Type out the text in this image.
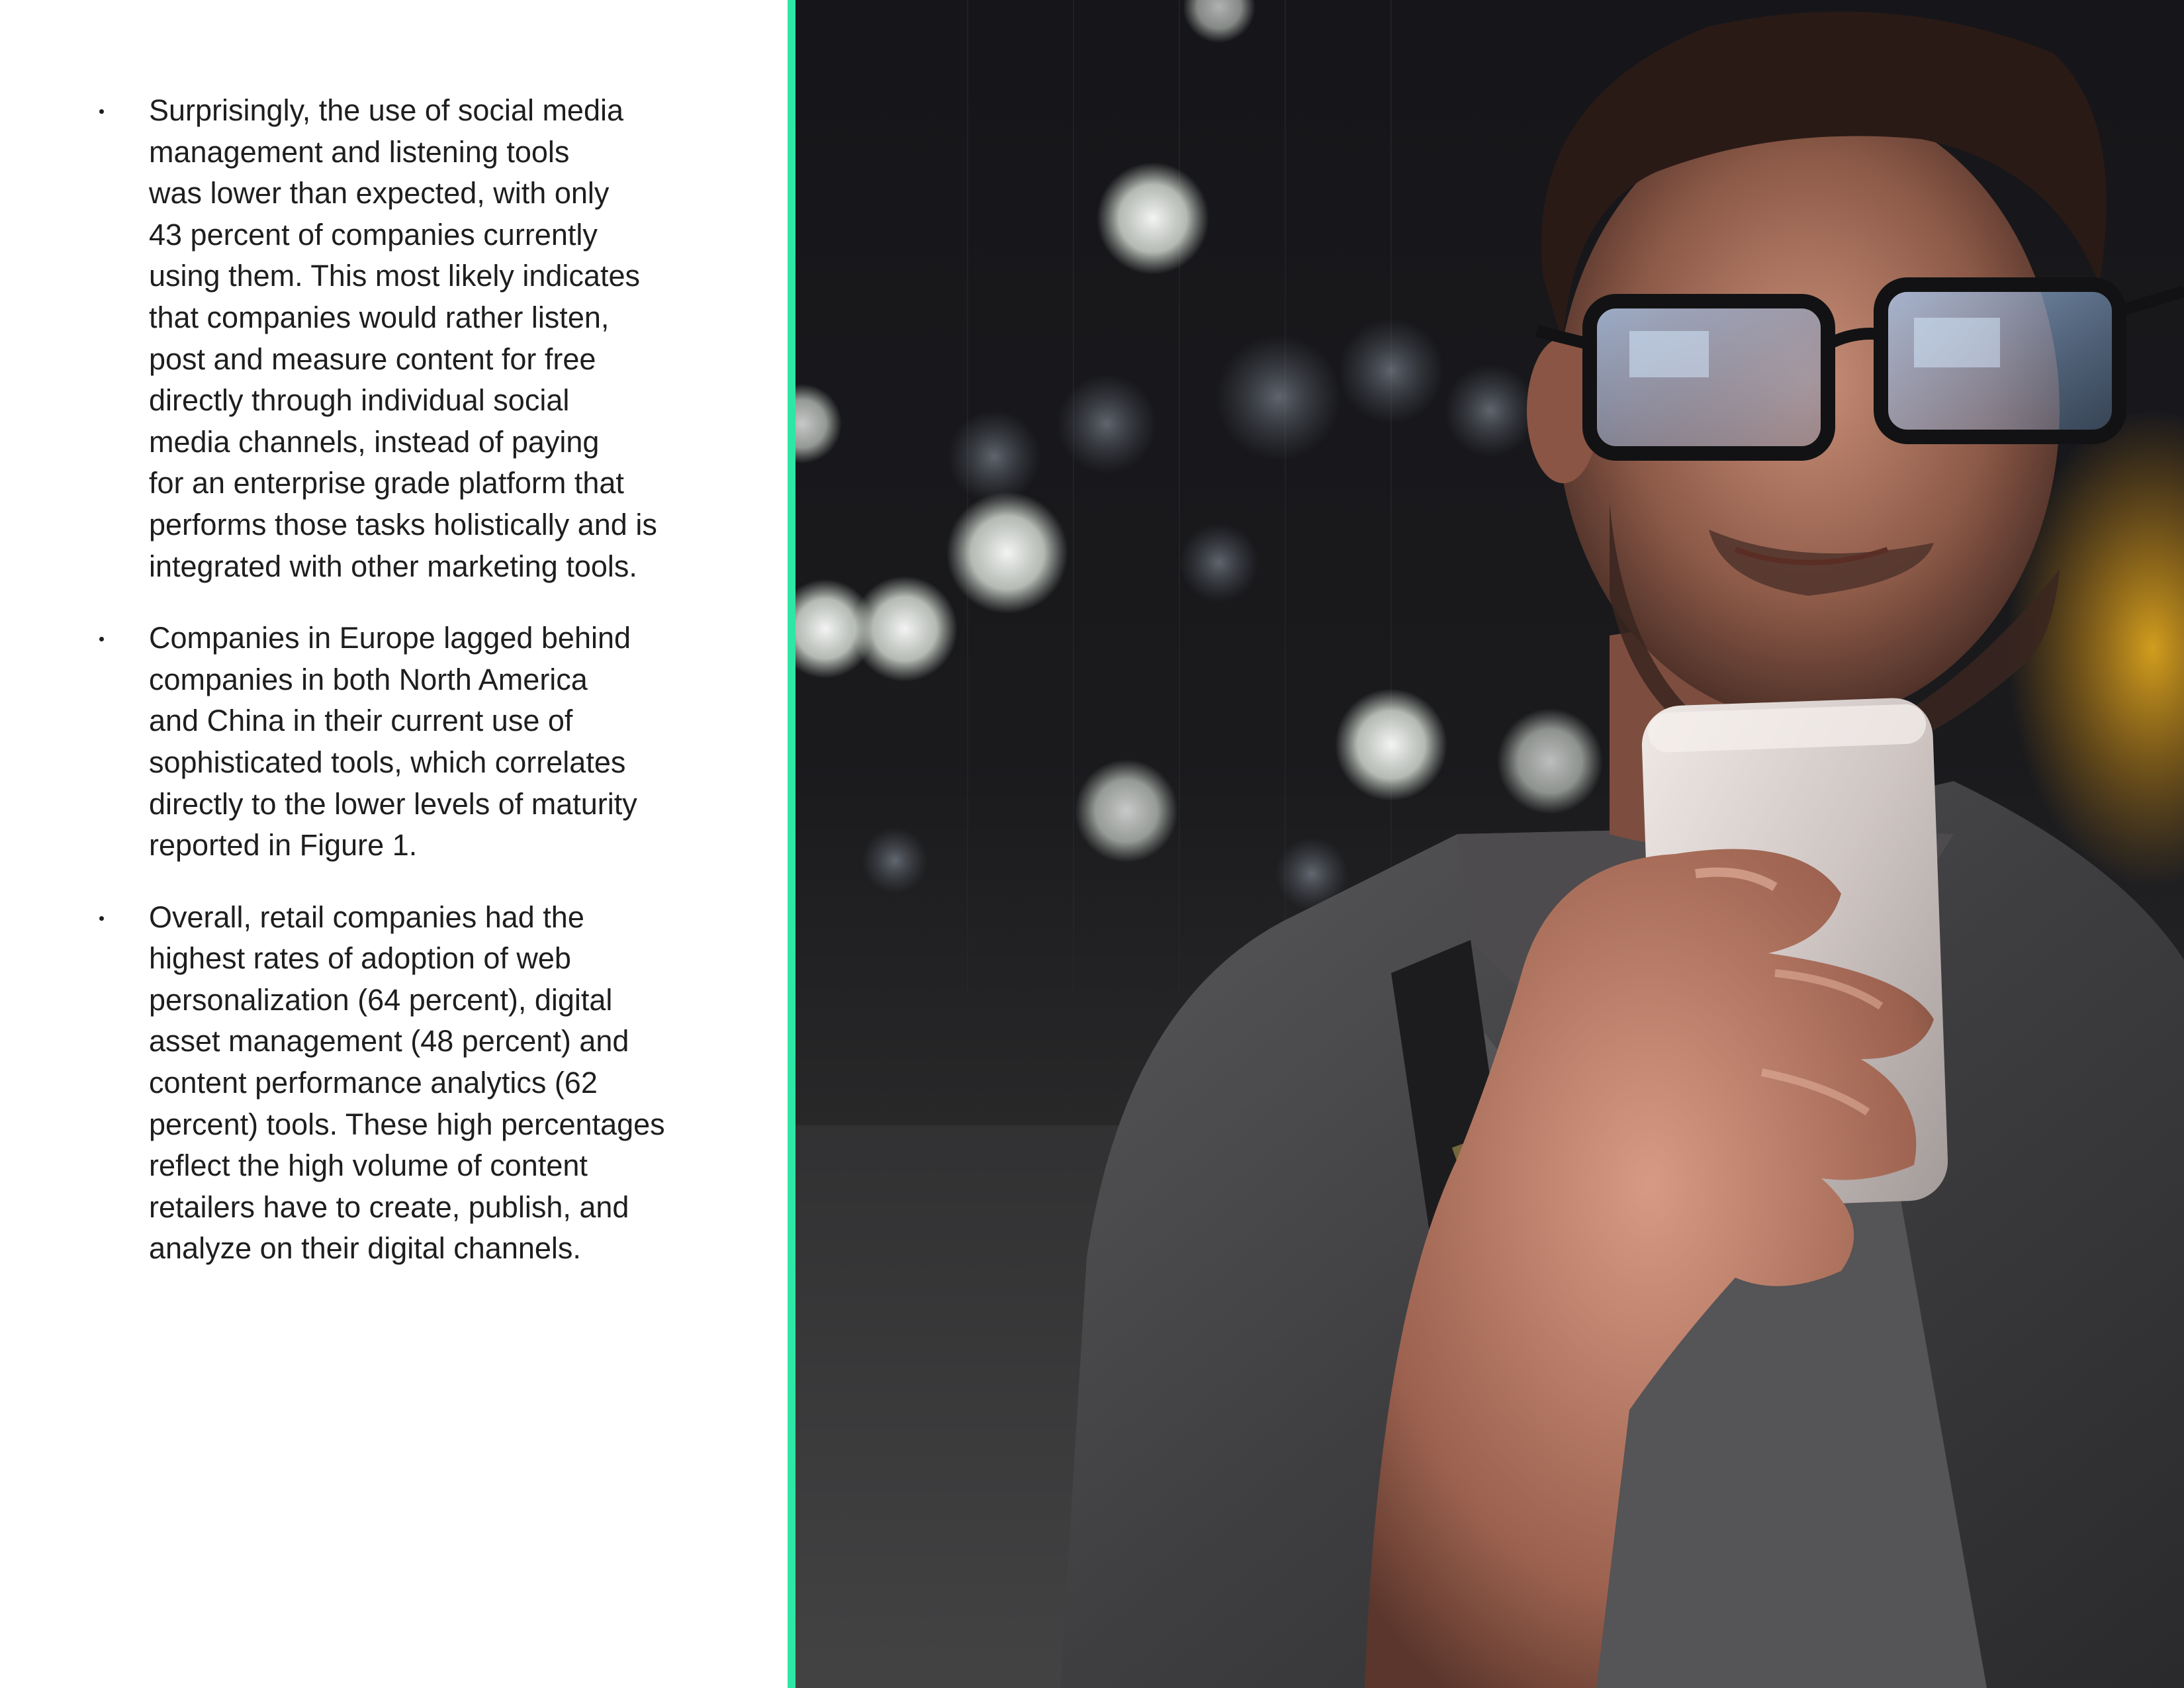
Surprisingly, the use of social media
management and listening tools
was lower than expected, with only
43 percent of companies currently
using them. This most likely indicates
that companies would rather listen,
post and measure content for free
directly through individual social
media channels, instead of paying
for an enterprise grade platform that
performs those tasks holistically and is
integrated with other marketing tools.
Companies in Europe lagged behind
companies in both North America
and China in their current use of
sophisticated tools, which correlates
directly to the lower levels of maturity
reported in Figure 1.
Overall, retail companies had the
highest rates of adoption of web
personalization (64 percent), digital
asset management (48 percent) and
content performance analytics (62
percent) tools. These high percentages
reflect the high volume of content
retailers have to create, publish, and
analyze on their digital channels.
